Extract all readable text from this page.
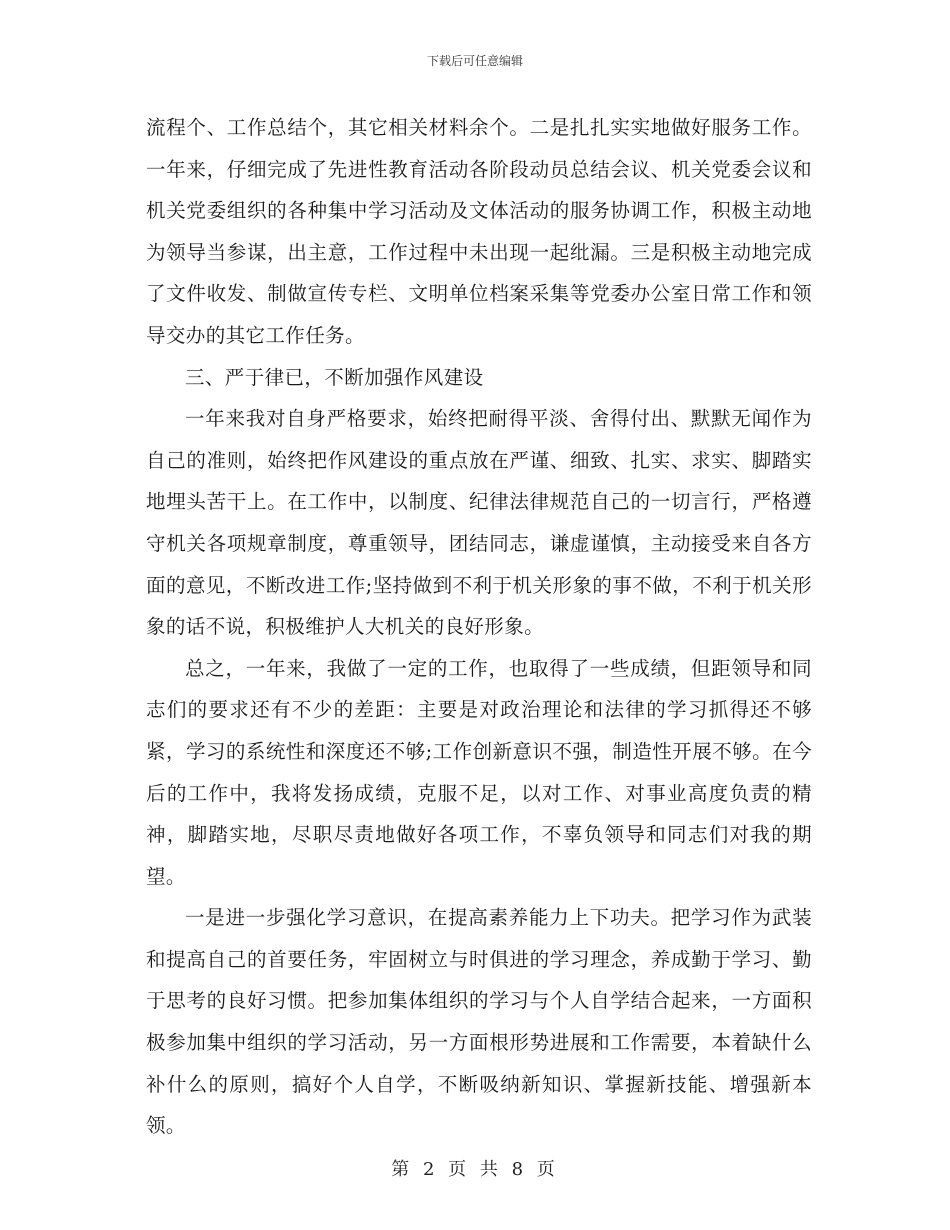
下载后可任意编辑

流程个、工作总结个，其它相关材料余个。二是扎扎实实地做好服务工作。一年来，仔细完成了先进性教育活动各阶段动员总结会议、机关党委会议和机关党委组织的各种集中学习活动及文体活动的服务协调工作，积极主动地为领导当参谋，出主意，工作过程中未出现一起纰漏。三是积极主动地完成了文件收发、制做宣传专栏、文明单位档案采集等党委办公室日常工作和领导交办的其它工作任务。

三、严于律已，不断加强作风建设

一年来我对自身严格要求，始终把耐得平淡、舍得付出、默默无闻作为自己的准则，始终把作风建设的重点放在严谨、细致、扎实、求实、脚踏实地埋头苦干上。在工作中，以制度、纪律法律规范自己的一切言行，严格遵守机关各项规章制度，尊重领导，团结同志，谦虚谨慎，主动接受来自各方面的意见，不断改进工作;坚持做到不利于机关形象的事不做，不利于机关形象的话不说，积极维护人大机关的良好形象。

总之，一年来，我做了一定的工作，也取得了一些成绩，但距领导和同志们的要求还有不少的差距：主要是对政治理论和法律的学习抓得还不够紧，学习的系统性和深度还不够;工作创新意识不强，制造性开展不够。在今后的工作中，我将发扬成绩，克服不足，以对工作、对事业高度负责的精神，脚踏实地，尽职尽责地做好各项工作，不辜负领导和同志们对我的期望。

一是进一步强化学习意识，在提高素养能力上下功夫。把学习作为武装和提高自己的首要任务，牢固树立与时俱进的学习理念，养成勤于学习、勤于思考的良好习惯。把参加集体组织的学习与个人自学结合起来，一方面积极参加集中组织的学习活动，另一方面根形势进展和工作需要，本着缺什么补什么的原则，搞好个人自学，不断吸纳新知识、掌握新技能、增强新本领。

第 2 页 共 8 页
